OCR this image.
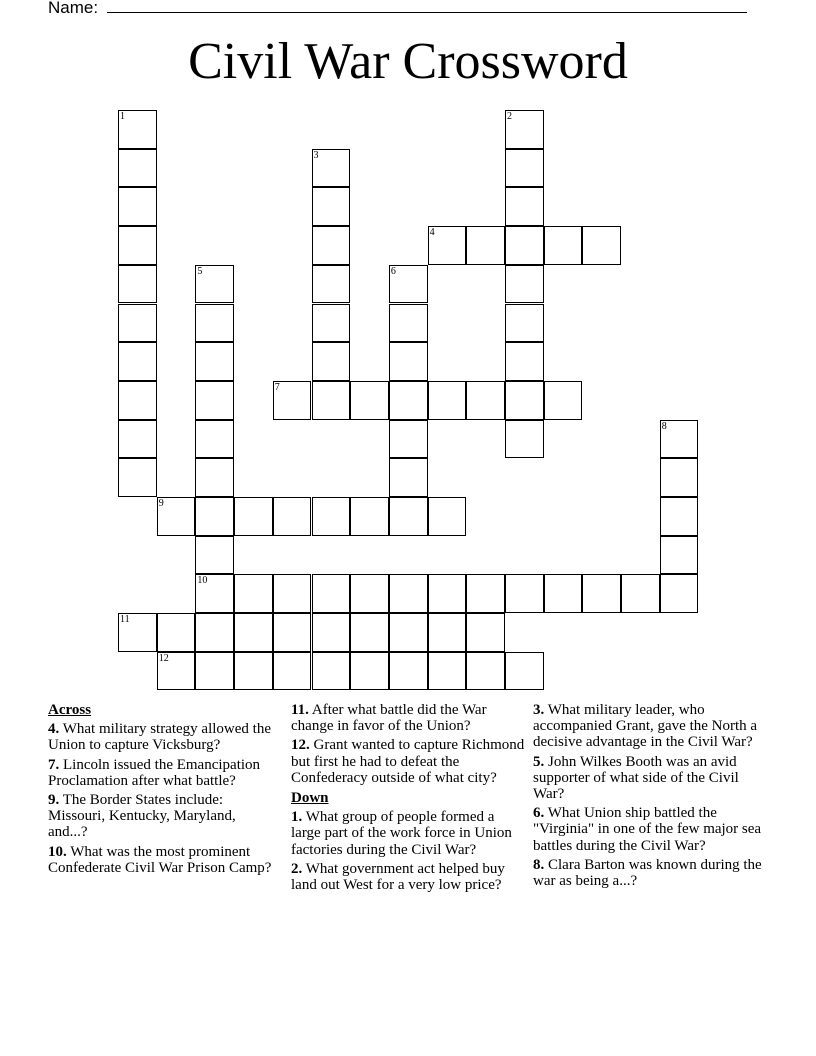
Name:
Civil War Crossword
1	2
3
4
5
10
6
7
8
9
11
12
Across
4. What military strategy allowed the Union to capture Vicksburg?
7. Lincoln issued the Emancipation Proclamation after what battle?
9. The Border States include: Missouri, Kentucky, Maryland, and...?
10. What was the most prominent Confederate Civil War Prison Camp?
11. After what battle did the War change in favor of the Union?
12. Grant wanted to capture Richmond but first he had to defeat the Confederacy outside of what city?
Down
1. What group of people formed a large part of the work force in Union factories during the Civil War?
2. What government act helped buy land out West for a very low price?
3. What military leader, who accompanied Grant, gave the North a decisive advantage in the Civil War?
5. John Wilkes Booth was an avid supporter of what side of the Civil War?
6. What Union ship battled the "Virginia" in one of the few major sea battles during the Civil War?
8. Clara Barton was known during the war as being a...?
